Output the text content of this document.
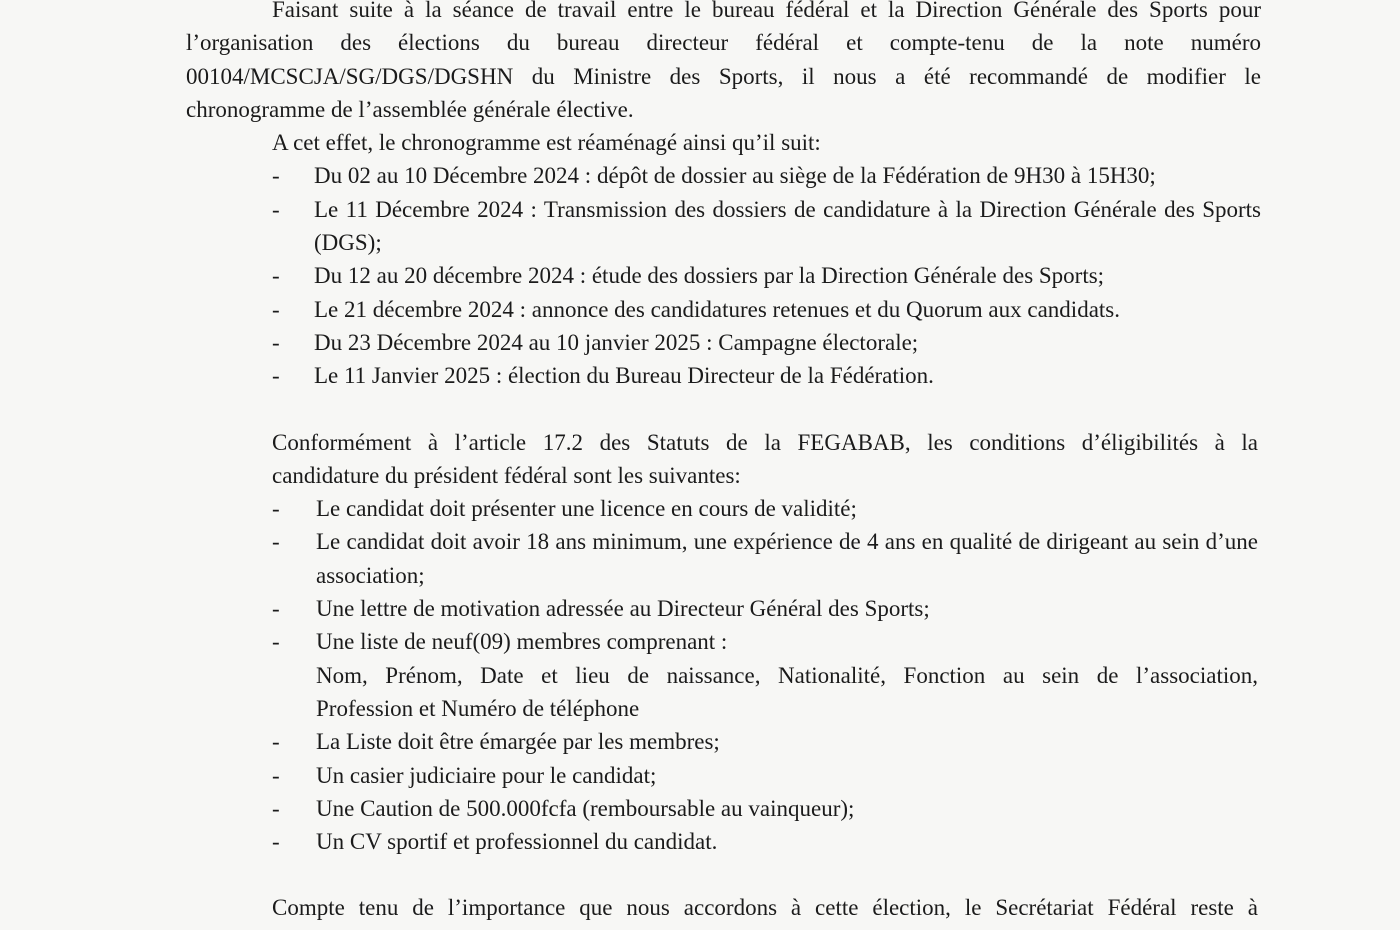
Faisant suite à la séance de travail entre le bureau fédéral et la Direction Générale des Sports pour

l’organisation des élections du bureau directeur fédéral et compte-tenu de la note numéro

00104/MCSCJA/SG/DGS/DGSHN du Ministre des Sports, il nous a été recommandé de modifier le

chronogramme de l’assemblée générale élective.

A cet effet, le chronogramme est réaménagé ainsi qu’il suit:

- Du 02 au 10 Décembre 2024 : dépôt de dossier au siège de la Fédération de 9H30 à 15H30;
- Le 11 Décembre 2024 : Transmission des dossiers de candidature à la Direction Générale des Sports (DGS);
- Du 12 au 20 décembre 2024 : étude des dossiers par la Direction Générale des Sports;
- Le 21 décembre 2024 : annonce des candidatures retenues et du Quorum aux candidats.
- Du 23 Décembre 2024 au 10 janvier 2025 : Campagne électorale;
- Le 11 Janvier 2025 : élection du Bureau Directeur de la Fédération.

Conformément à l’article 17.2 des Statuts de la FEGABAB, les conditions d’éligibilités à la

candidature du président fédéral sont les suivantes:

- Le candidat doit présenter une licence en cours de validité;
- Le candidat doit avoir 18 ans minimum, une expérience de 4 ans en qualité de dirigeant au sein d’une association;
- Une lettre de motivation adressée au Directeur Général des Sports;
- Une liste de neuf(09) membres comprenant :

Nom, Prénom, Date et lieu de naissance, Nationalité, Fonction au sein de l’association,

Profession et Numéro de téléphone

- La Liste doit être émargée par les membres;
- Un casier judiciaire pour le candidat;
- Une Caution de 500.000fcfa (remboursable au vainqueur);
- Un CV sportif et professionnel du candidat.

Compte tenu de l’importance que nous accordons à cette élection, le Secrétariat Fédéral reste à
